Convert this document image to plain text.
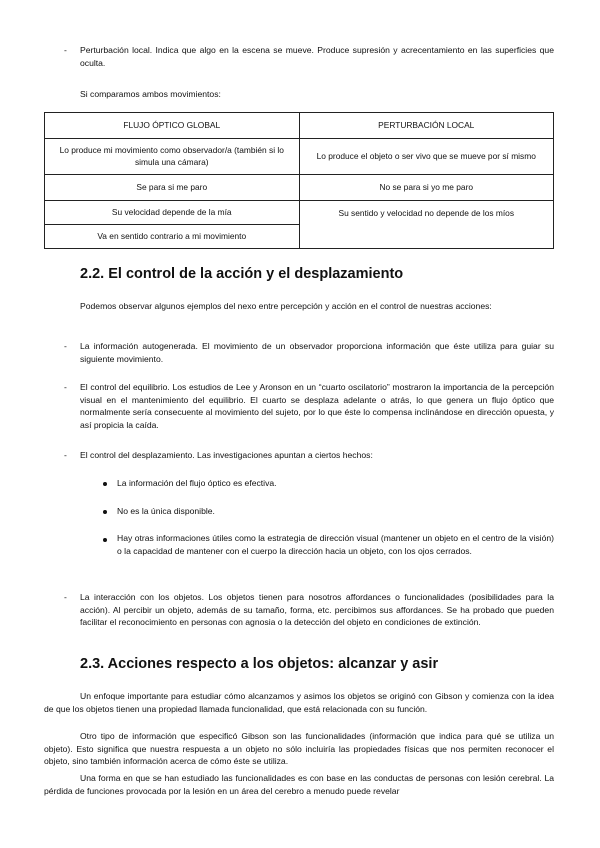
-	Perturbación local. Indica que algo en la escena se mueve. Produce supresión y acrecentamiento en las superficies que oculta.
Si comparamos ambos movimientos:
FLUJO ÓPTICO GLOBAL	PERTURBACIÓN LOCAL
Lo produce mi movimiento como observador/a (también si lo simula una cámara)	Lo produce el objeto o ser vivo que se mueve por sí mismo
Se para si me paro	No se para si yo me paro
Su velocidad depende de la mía	Su sentido y velocidad no depende de los míos
Va en sentido contrario a mi movimiento	
2.2. El control de la acción y el desplazamiento
Podemos observar algunos ejemplos del nexo entre percepción y acción en el control de nuestras acciones:
-	La información autogenerada. El movimiento de un observador proporciona información que éste utiliza para guiar su siguiente movimiento.
-	El control del equilibrio. Los estudios de Lee y Aronson en un “cuarto oscilatorio” mostraron la importancia de la percepción visual en el mantenimiento del equilibrio. El cuarto se desplaza adelante o atrás, lo que genera un flujo óptico que normalmente sería consecuente al movimiento del sujeto, por lo que éste lo compensa inclinándose en dirección opuesta, y así propicia la caída.
-	El control del desplazamiento. Las investigaciones apuntan a ciertos hechos:
La información del flujo óptico es efectiva.
No es la única disponible.
Hay otras informaciones útiles como la estrategia de dirección visual (mantener un objeto en el centro de la visión) o la capacidad de mantener con el cuerpo la dirección hacia un objeto, con los ojos cerrados.
-	La interacción con los objetos. Los objetos tienen para nosotros affordances o funcionalidades (posibilidades para la acción). Al percibir un objeto, además de su tamaño, forma, etc. percibimos sus affordances. Se ha probado que pueden facilitar el reconocimiento en personas con agnosia o la detección del objeto en condiciones de extinción.
2.3. Acciones respecto a los objetos: alcanzar y asir
Un enfoque importante para estudiar cómo alcanzamos y asimos los objetos se originó con Gibson y comienza con la idea de que los objetos tienen una propiedad llamada funcionalidad, que está relacionada con su función.
Otro tipo de información que especificó Gibson son las funcionalidades (información que indica para qué se utiliza un objeto). Esto significa que nuestra respuesta a un objeto no sólo incluiría las propiedades físicas que nos permiten reconocer el objeto, sino también información acerca de cómo éste se utiliza.
Una forma en que se han estudiado las funcionalidades es con base en las conductas de personas con lesión cerebral. La pérdida de funciones provocada por la lesión en un área del cerebro a menudo puede revelar
